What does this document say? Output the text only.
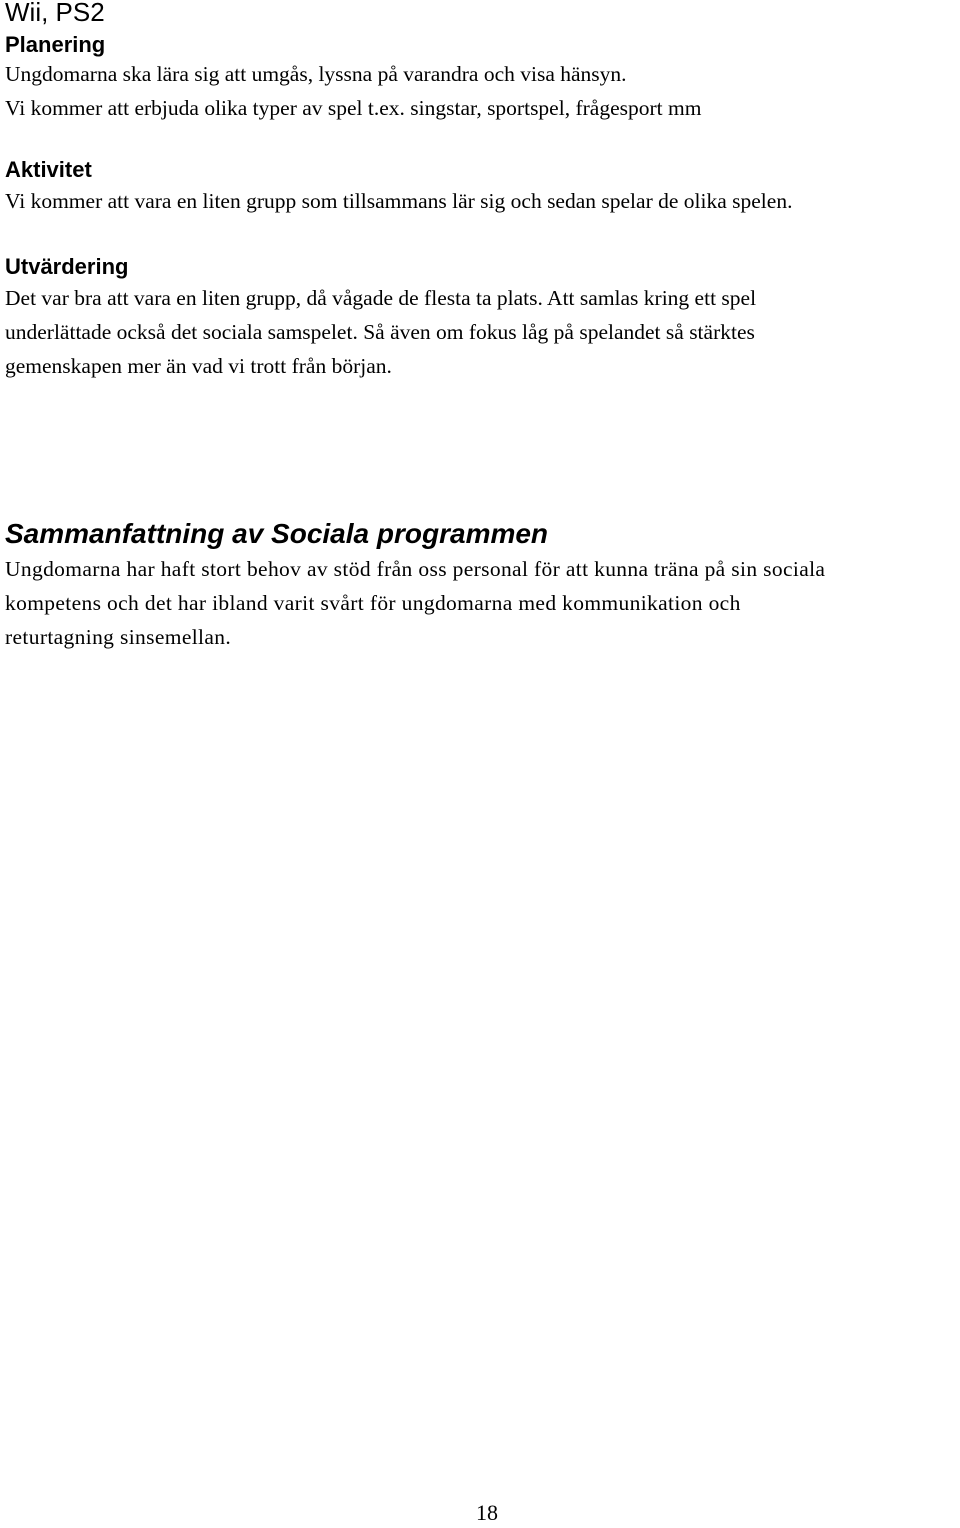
Wii, PS2
Planering

Ungdomarna ska lära sig att umgås, lyssna på varandra och visa hänsyn.

Vi kommer att erbjuda olika typer av spel t.ex. singstar, sportspel, frågesport mm

Aktivitet

Vi kommer att vara en liten grupp som tillsammans lär sig och sedan spelar de olika spelen.

Utvärdering

Det var bra att vara en liten grupp, då vågade de flesta ta plats. Att samlas kring ett spel

underlättade också det sociala samspelet. Så även om fokus låg på spelandet så stärktes

gemenskapen mer än vad vi trott från början.

Sammanfattning av Sociala programmen

Ungdomarna har haft stort behov av stöd från oss personal för att kunna träna på sin sociala

kompetens och det har ibland varit svårt för ungdomarna med kommunikation och

returtagning sinsemellan.

18
